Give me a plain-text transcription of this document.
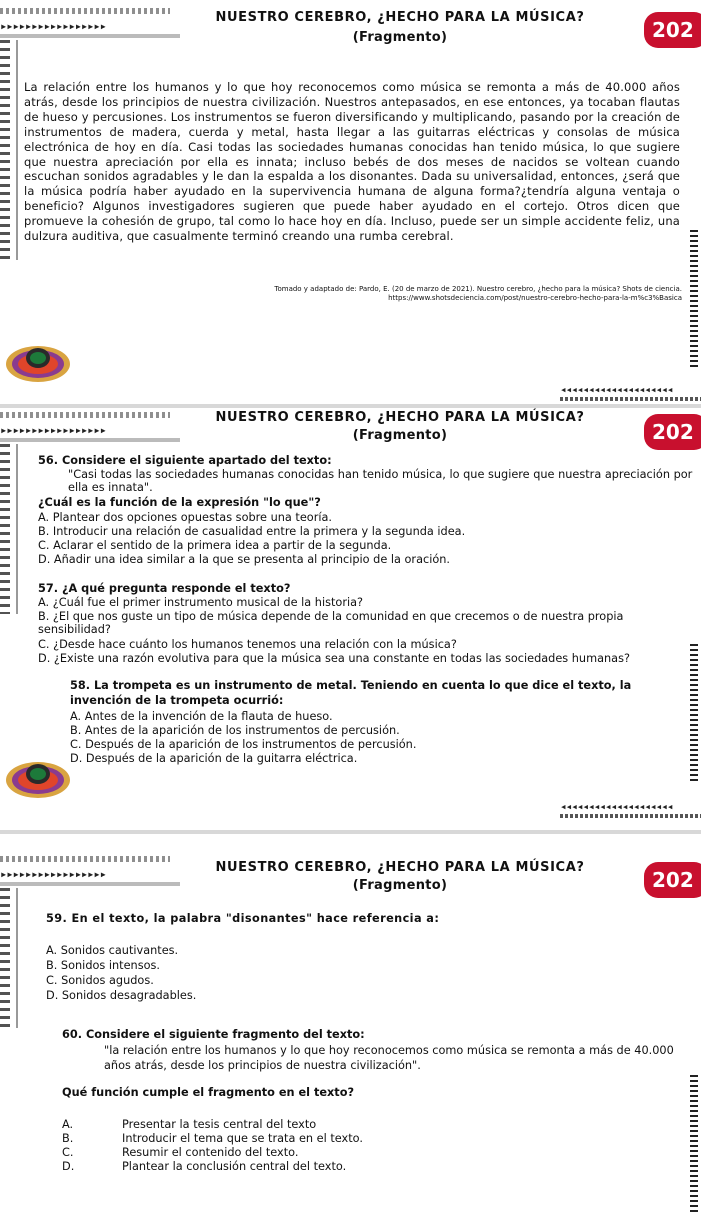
▸▸▸▸▸▸▸▸▸▸▸▸▸▸▸▸▸
NUESTRO CEREBRO, ¿HECHO PARA LA MÚSICA?
(Fragmento)	202
La relación entre los humanos y lo que hoy reconocemos como música se remonta a más de 40.000 años atrás, desde los principios de nuestra civilización. Nuestros antepasados, en ese entonces, ya tocaban flautas de hueso y percusiones. Los instrumentos se fueron diversificando y multiplicando, pasando por la creación de instrumentos de madera, cuerda y metal, hasta llegar a las guitarras eléctricas y consolas de música electrónica de hoy en día. Casi todas las sociedades humanas conocidas han tenido música, lo que sugiere que nuestra apreciación por ella es innata; incluso bebés de dos meses de nacidos se voltean cuando escuchan sonidos agradables y le dan la espalda a los disonantes. Dada su universalidad, entonces, ¿será que la música podría haber ayudado en la supervivencia humana de alguna forma?¿tendría alguna ventaja o beneficio? Algunos investigadores sugieren que puede haber ayudado en el cortejo. Otros dicen que promueve la cohesión de grupo, tal como lo hace hoy en día. Incluso, puede ser un simple accidente feliz, una dulzura auditiva, que casualmente terminó creando una rumba cerebral.
Tomado y adaptado de: Pardo, E. (20 de marzo de 2021). Nuestro cerebro, ¿hecho para la música? Shots de ciencia.
https://www.shotsdeciencia.com/post/nuestro-cerebro-hecho-para-la-m%c3%Basica
◂◂◂◂◂◂◂◂◂◂◂◂◂◂◂◂◂◂◂◂
▸▸▸▸▸▸▸▸▸▸▸▸▸▸▸▸▸
NUESTRO CEREBRO, ¿HECHO PARA LA MÚSICA?
(Fragmento)	202
56. Considere el siguiente apartado del texto:
"Casi todas las sociedades humanas conocidas han tenido música, lo que sugiere que nuestra apreciación por ella es innata".
¿Cuál es la función de la expresión "lo que"?
A. Plantear dos opciones opuestas sobre una teoría.
B. Introducir una relación de casualidad entre la primera y la segunda idea.
C. Aclarar el sentido de la primera idea a partir de la segunda.
D. Añadir una idea similar a la que se presenta al principio de la oración.
57. ¿A qué pregunta responde el texto?
A. ¿Cuál fue el primer instrumento musical de la historia?
B. ¿El que nos guste un tipo de música depende de la comunidad en que crecemos o de nuestra propia sensibilidad?
C. ¿Desde hace cuánto los humanos tenemos una relación con la música?
D. ¿Existe una razón evolutiva para que la música sea una constante en todas las sociedades humanas?
58. La trompeta es un instrumento de metal. Teniendo en cuenta lo que dice el texto, la invención de la trompeta ocurrió:
A. Antes de la invención de la flauta de hueso.
B. Antes de la aparición de los instrumentos de percusión.
C. Después de la aparición de los instrumentos de percusión.
D. Después de la aparición de la guitarra eléctrica.
◂◂◂◂◂◂◂◂◂◂◂◂◂◂◂◂◂◂◂◂
▸▸▸▸▸▸▸▸▸▸▸▸▸▸▸▸▸	NUESTRO CEREBRO, ¿HECHO PARA LA MÚSICA?
(Fragmento)	202
59. En el texto, la palabra "disonantes" hace referencia a:
A. Sonidos cautivantes.
B. Sonidos intensos.
C. Sonidos agudos.
D. Sonidos desagradables.
60. Considere el siguiente fragmento del texto:
"la relación entre los humanos y lo que hoy reconocemos como música se remonta a más de 40.000 años atrás, desde los principios de nuestra civilización".
Qué función cumple el fragmento en el texto?
A.	Presentar la tesis central del texto
B.	Introducir el tema que se trata en el texto.
C.	Resumir el contenido del texto.
D.	Plantear la conclusión central del texto.
